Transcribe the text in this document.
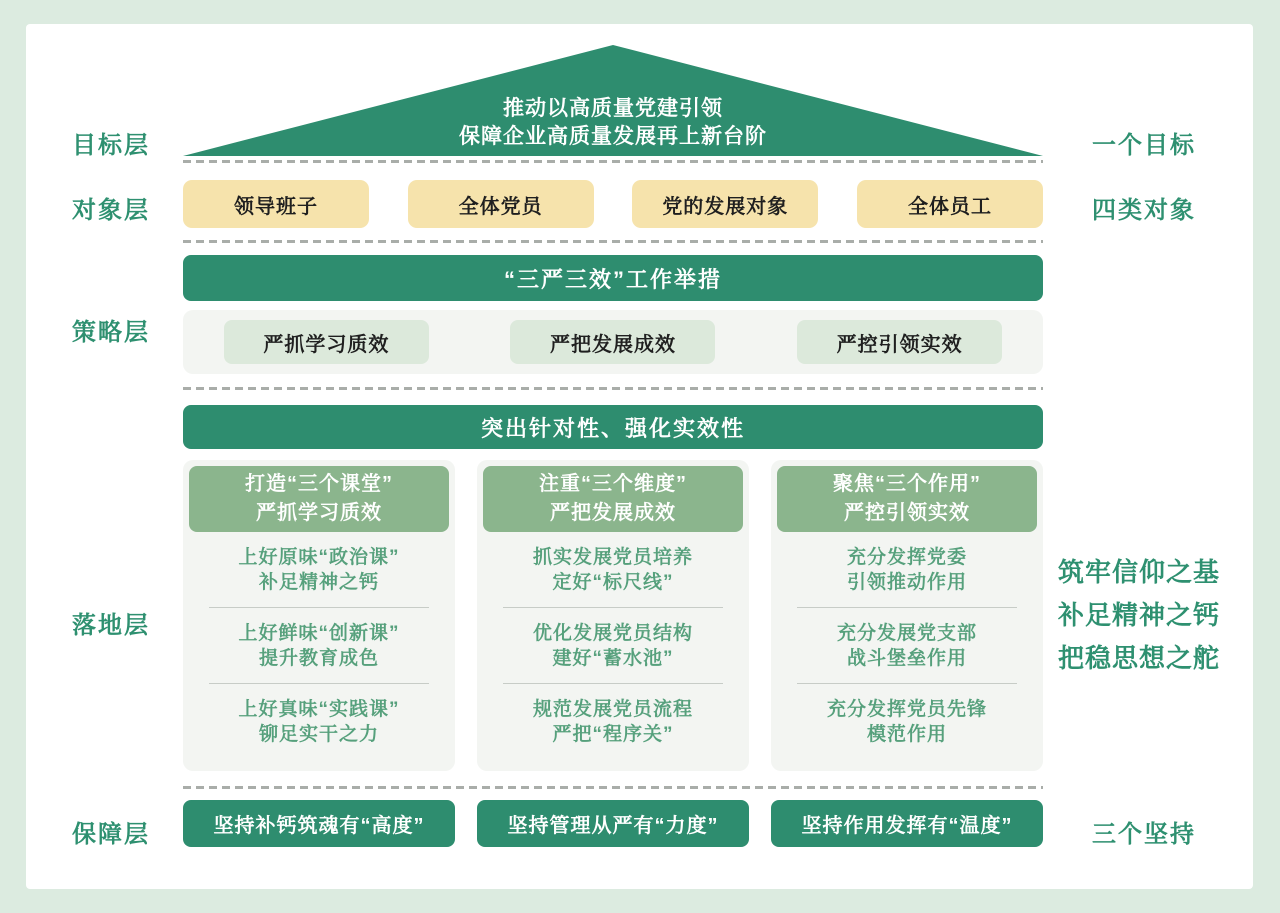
目标层
对象层
策略层
落地层
保障层
一个目标
四类对象
筑牢信仰之基
补足精神之钙
把稳思想之舵
三个坚持
推动以高质量党建引领
保障企业高质量发展再上新台阶
领导班子	全体党员	党的发展对象	全体员工
“三严三效”工作举措
严抓学习质效	严把发展成效	严控引领实效
突出针对性、强化实效性
打造“三个课堂”
严抓学习质效
上好原味“政治课”
补足精神之钙
上好鲜味“创新课”
提升教育成色
上好真味“实践课”
铆足实干之力
注重“三个维度”
严把发展成效
抓实发展党员培养
定好“标尺线”
优化发展党员结构
建好“蓄水池”
规范发展党员流程
严把“程序关”
聚焦“三个作用”
严控引领实效
充分发挥党委
引领推动作用
充分发展党支部
战斗堡垒作用
充分发挥党员先锋
模范作用
坚持补钙筑魂有“高度”	坚持管理从严有“力度”	坚持作用发挥有“温度”
